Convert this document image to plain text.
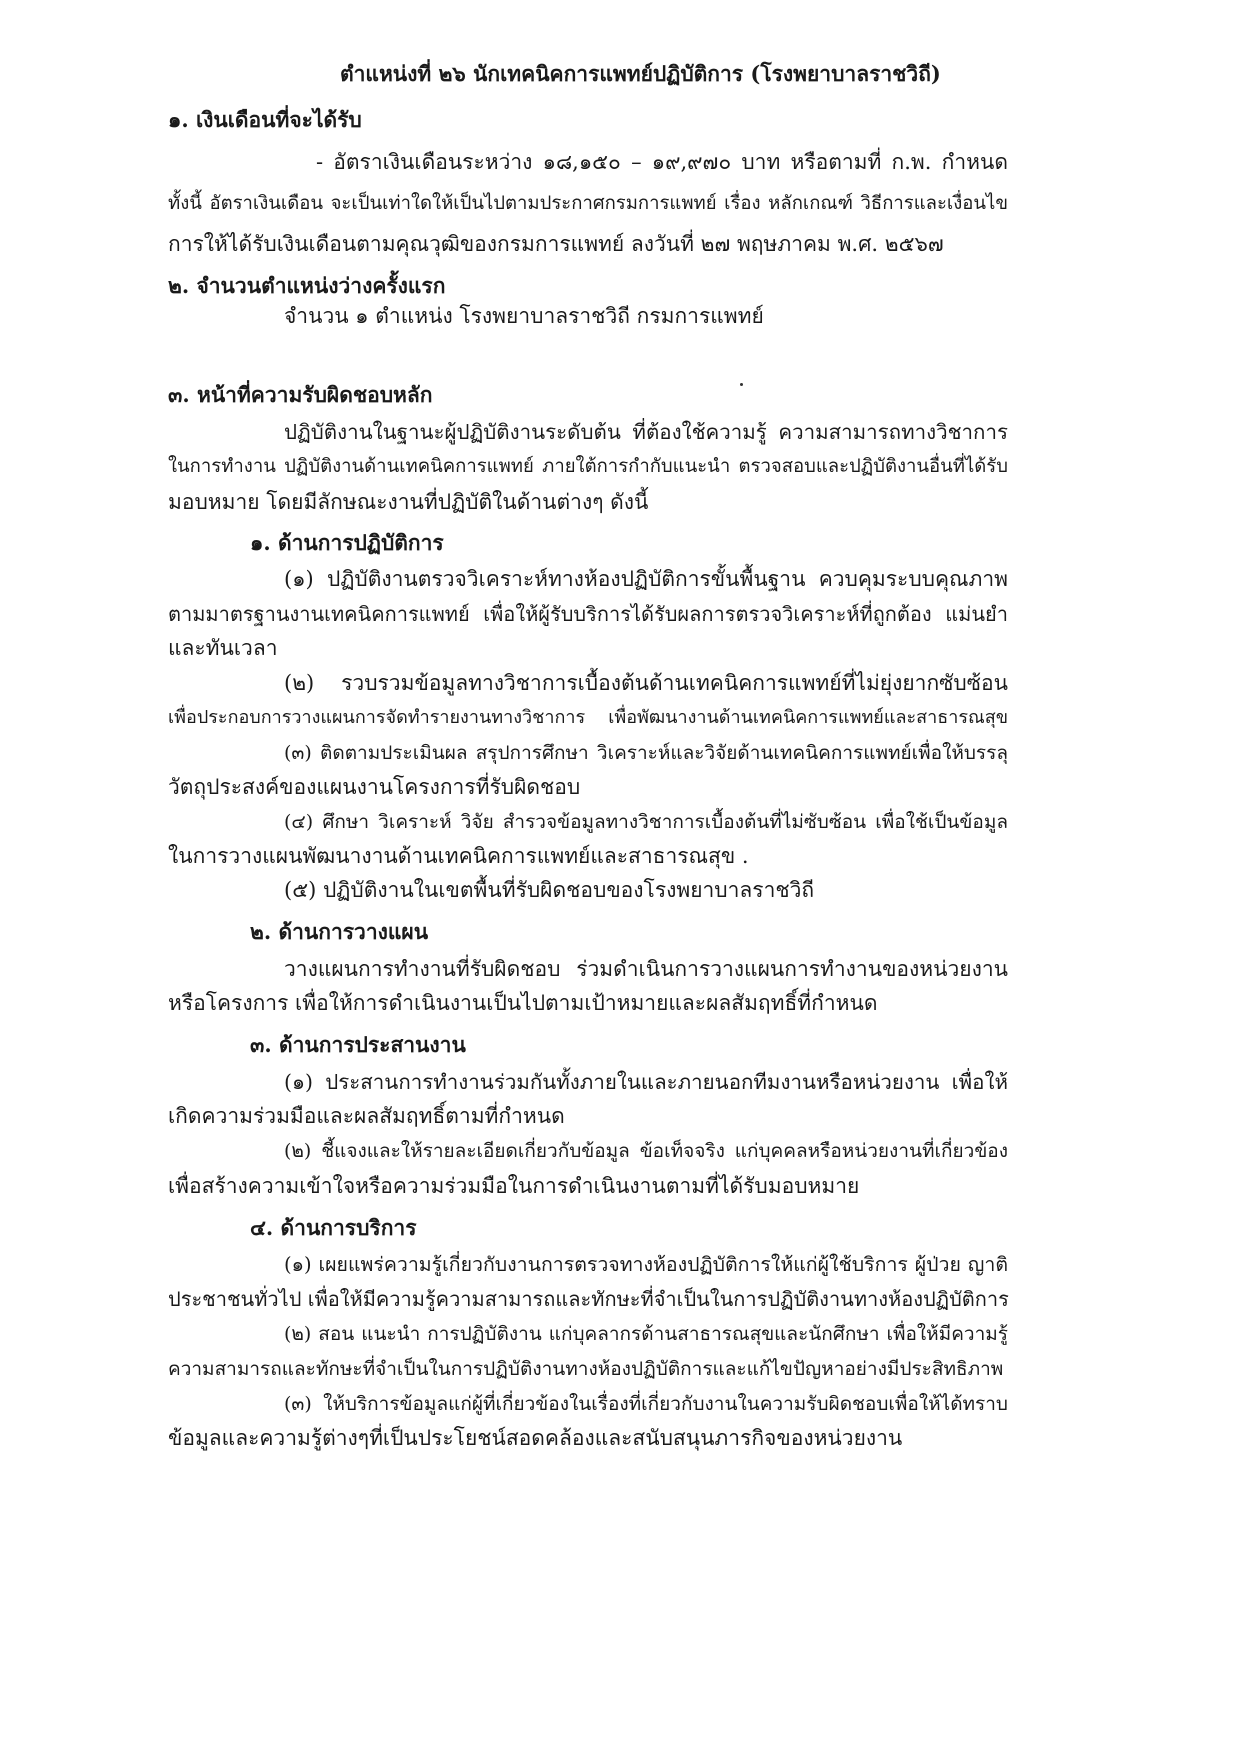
ตำแหน่งที่ ๒๖ นักเทคนิคการแพทย์ปฏิบัติการ (โรงพยาบาลราชวิถี)
๑. เงินเดือนที่จะได้รับ
- อัตราเงินเดือนระหว่าง ๑๘,๑๕๐ – ๑๙,๙๗๐ บาท หรือตามที่ ก.พ. กำหนด
ทั้งนี้ อัตราเงินเดือน จะเป็นเท่าใดให้เป็นไปตามประกาศกรมการแพทย์ เรื่อง หลักเกณฑ์ วิธีการและเงื่อนไข
การให้ได้รับเงินเดือนตามคุณวุฒิของกรมการแพทย์ ลงวันที่ ๒๗ พฤษภาคม พ.ศ. ๒๕๖๗
๒. จำนวนตำแหน่งว่างครั้งแรก
จำนวน ๑ ตำแหน่ง โรงพยาบาลราชวิถี กรมการแพทย์
๓. หน้าที่ความรับผิดชอบหลัก
ปฏิบัติงานในฐานะผู้ปฏิบัติงานระดับต้น ที่ต้องใช้ความรู้ ความสามารถทางวิชาการ
ในการทำงาน ปฏิบัติงานด้านเทคนิคการแพทย์ ภายใต้การกำกับแนะนำ ตรวจสอบและปฏิบัติงานอื่นที่ได้รับ
มอบหมาย โดยมีลักษณะงานที่ปฏิบัติในด้านต่างๆ ดังนี้
๑. ด้านการปฏิบัติการ
(๑) ปฏิบัติงานตรวจวิเคราะห์ทางห้องปฏิบัติการขั้นพื้นฐาน ควบคุมระบบคุณภาพ
ตามมาตรฐานงานเทคนิคการแพทย์ เพื่อให้ผู้รับบริการได้รับผลการตรวจวิเคราะห์ที่ถูกต้อง แม่นยำ
และทันเวลา
(๒) รวบรวมข้อมูลทางวิชาการเบื้องต้นด้านเทคนิคการแพทย์ที่ไม่ยุ่งยากซับซ้อน
เพื่อประกอบการวางแผนการจัดทำรายงานทางวิชาการ เพื่อพัฒนางานด้านเทคนิคการแพทย์และสาธารณสุข
(๓) ติดตามประเมินผล สรุปการศึกษา วิเคราะห์และวิจัยด้านเทคนิคการแพทย์เพื่อให้บรรลุ
วัตถุประสงค์ของแผนงานโครงการที่รับผิดชอบ
(๔) ศึกษา วิเคราะห์ วิจัย สำรวจข้อมูลทางวิชาการเบื้องต้นที่ไม่ซับซ้อน เพื่อใช้เป็นข้อมูล
ในการวางแผนพัฒนางานด้านเทคนิคการแพทย์และสาธารณสุข .
(๕) ปฏิบัติงานในเขตพื้นที่รับผิดชอบของโรงพยาบาลราชวิถี
๒. ด้านการวางแผน
วางแผนการทำงานที่รับผิดชอบ ร่วมดำเนินการวางแผนการทำงานของหน่วยงาน
หรือโครงการ เพื่อให้การดำเนินงานเป็นไปตามเป้าหมายและผลสัมฤทธิ์ที่กำหนด
๓. ด้านการประสานงาน
(๑) ประสานการทำงานร่วมกันทั้งภายในและภายนอกทีมงานหรือหน่วยงาน เพื่อให้
เกิดความร่วมมือและผลสัมฤทธิ์ตามที่กำหนด
(๒) ชี้แจงและให้รายละเอียดเกี่ยวกับข้อมูล ข้อเท็จจริง แก่บุคคลหรือหน่วยงานที่เกี่ยวข้อง
เพื่อสร้างความเข้าใจหรือความร่วมมือในการดำเนินงานตามที่ได้รับมอบหมาย
๔. ด้านการบริการ
(๑) เผยแพร่ความรู้เกี่ยวกับงานการตรวจทางห้องปฏิบัติการให้แก่ผู้ใช้บริการ ผู้ป่วย ญาติ
ประชาชนทั่วไป เพื่อให้มีความรู้ความสามารถและทักษะที่จำเป็นในการปฏิบัติงานทางห้องปฏิบัติการ
(๒) สอน แนะนำ การปฏิบัติงาน แก่บุคลากรด้านสาธารณสุขและนักศึกษา เพื่อให้มีความรู้
ความสามารถและทักษะที่จำเป็นในการปฏิบัติงานทางห้องปฏิบัติการและแก้ไขปัญหาอย่างมีประสิทธิภาพ
(๓) ให้บริการข้อมูลแก่ผู้ที่เกี่ยวข้องในเรื่องที่เกี่ยวกับงานในความรับผิดชอบเพื่อให้ได้ทราบ
ข้อมูลและความรู้ต่างๆที่เป็นประโยชน์สอดคล้องและสนับสนุนภารกิจของหน่วยงาน
